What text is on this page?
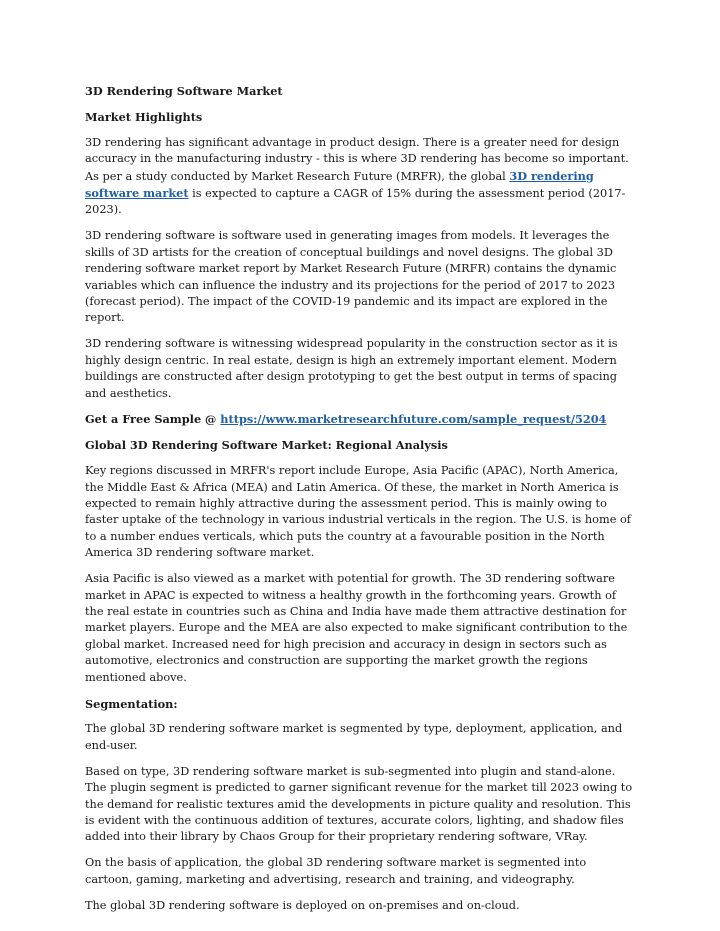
3D Rendering Software Market

Market Highlights

3D rendering has significant advantage in product design. There is a greater need for design accuracy in the manufacturing industry - this is where 3D rendering has become so important. As per a study conducted by Market Research Future (MRFR), the global 3D rendering software market is expected to capture a CAGR of 15% during the assessment period (2017-2023).

3D rendering software is software used in generating images from models. It leverages the skills of 3D artists for the creation of conceptual buildings and novel designs. The global 3D rendering software market report by Market Research Future (MRFR) contains the dynamic variables which can influence the industry and its projections for the period of 2017 to 2023 (forecast period). The impact of the COVID-19 pandemic and its impact are explored in the report.

3D rendering software is witnessing widespread popularity in the construction sector as it is highly design centric. In real estate, design is high an extremely important element. Modern buildings are constructed after design prototyping to get the best output in terms of spacing and aesthetics.

Get a Free Sample @ https://www.marketresearchfuture.com/sample_request/5204

Global 3D Rendering Software Market: Regional Analysis

Key regions discussed in MRFR's report include Europe, Asia Pacific (APAC), North America, the Middle East & Africa (MEA) and Latin America. Of these, the market in North America is expected to remain highly attractive during the assessment period. This is mainly owing to faster uptake of the technology in various industrial verticals in the region. The U.S. is home of to a number endues verticals, which puts the country at a favourable position in the North America 3D rendering software market.

Asia Pacific is also viewed as a market with potential for growth. The 3D rendering software market in APAC is expected to witness a healthy growth in the forthcoming years. Growth of the real estate in countries such as China and India have made them attractive destination for market players. Europe and the MEA are also expected to make significant contribution to the global market. Increased need for high precision and accuracy in design in sectors such as automotive, electronics and construction are supporting the market growth the regions mentioned above.

Segmentation:

The global 3D rendering software market is segmented by type, deployment, application, and end-user.

Based on type, 3D rendering software market is sub-segmented into plugin and stand-alone. The plugin segment is predicted to garner significant revenue for the market till 2023 owing to the demand for realistic textures amid the developments in picture quality and resolution. This is evident with the continuous addition of textures, accurate colors, lighting, and shadow files added into their library by Chaos Group for their proprietary rendering software, VRay.

On the basis of application, the global 3D rendering software market is segmented into cartoon, gaming, marketing and advertising, research and training, and videography.

The global 3D rendering software is deployed on on-premises and on-cloud.
